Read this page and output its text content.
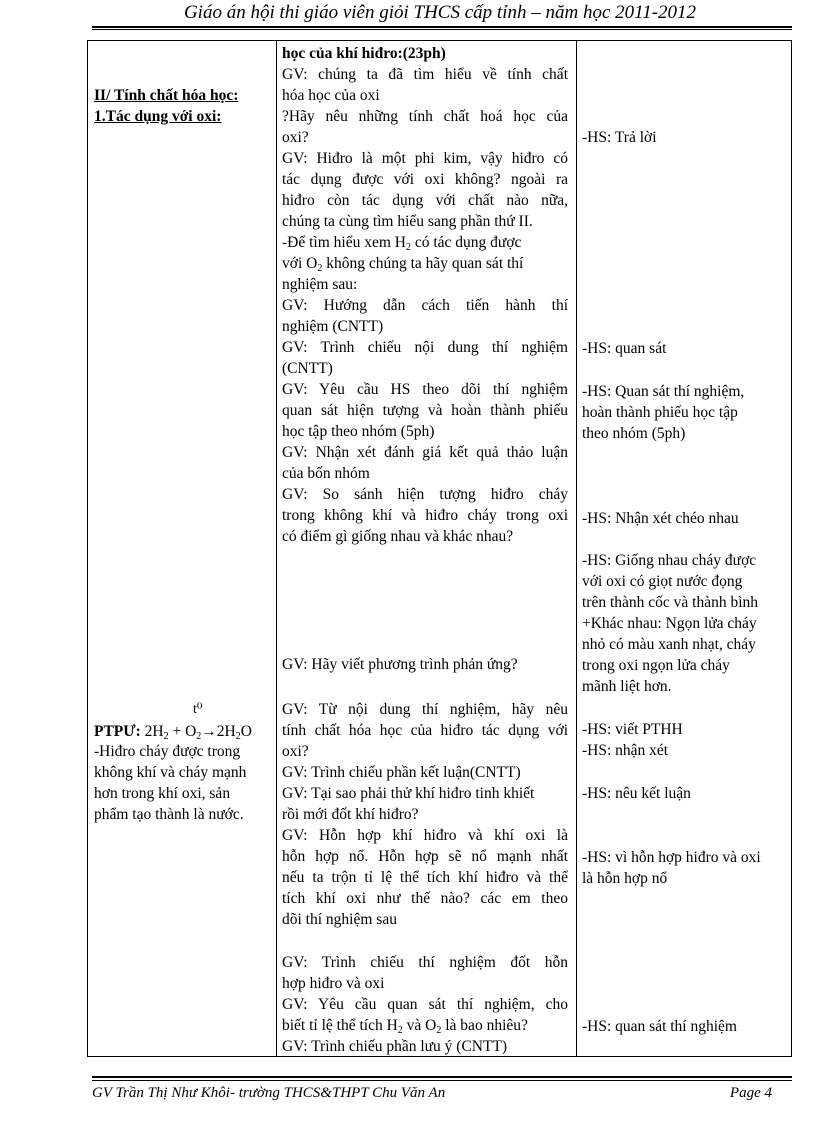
Giáo án hội thi giáo viên giỏi THCS cấp tỉnh – năm học 2011-2012
II/ Tính chất hóa học:
1.Tác dụng với oxi:
t⁰
PTPƯ: $2H_2 + O_2\to 2H_2O$
-Hiđro cháy được trong
không khí và cháy mạnh
hơn trong khí oxi, sản
phẩm tạo thành là nước.
học của khí hiđro:(23ph)
GV: chúng ta đã tìm hiểu về tính chất
hóa học của oxi
?Hãy nêu những tính chất hoá học của
oxi?
GV: Hiđro là một phi kim, vậy hiđro có
tác dụng được với oxi không? ngoài ra
hiđro còn tác dụng với chất nào nữa,
chúng ta cùng tìm hiểu sang phần thứ II.
-Để tìm hiểu xem $H_2$ có tác dụng được
với $O_2$ không chúng ta hãy quan sát thí
nghiệm sau:
GV: Hướng dẫn cách tiến hành thí
nghiệm (CNTT)
GV: Trình chiếu nội dung thí nghiệm
(CNTT)
GV: Yêu cầu HS theo dõi thí nghiệm
quan sát hiện tượng và hoàn thành phiếu
học tập theo nhóm (5ph)
GV: Nhận xét đánh giá kết quả thảo luận
của bốn nhóm
GV: So sánh hiện tượng hiđro cháy
trong không khí và hiđro cháy trong oxi
có điểm gì giống nhau và khác nhau?
GV: Hãy viết phương trình phản ứng?
GV: Từ nội dung thí nghiệm, hãy nêu
tính chất hóa học của hiđro tác dụng với
oxi?
GV: Trình chiếu phần kết luận(CNTT)
GV: Tại sao phải thử khí hiđro tinh khiết
rồi mới đốt khí hiđro?
GV: Hỗn hợp khí hiđro và khí oxi là
hỗn hợp nổ. Hỗn hợp sẽ nổ mạnh nhất
nếu ta trộn tỉ lệ thể tích khí hiđro và thể
tích khí oxi như thế nào? các em theo
dõi thí nghiệm sau
GV: Trình chiếu thí nghiệm đốt hỗn
hợp hiđro và oxi
GV: Yêu cầu quan sát thí nghiệm, cho
biết tỉ lệ thể tích $H_2$ và $O_2$ là bao nhiêu?
GV: Trình chiếu phần lưu ý (CNTT)
-HS: Trả lời
-HS: quan sát
-HS: Quan sát thí nghiệm,
hoàn thành phiếu học tập
theo nhóm (5ph)
-HS: Nhận xét chéo nhau
-HS: Giống nhau cháy được
với oxi có giọt nước đọng
trên thành cốc và thành bình
+Khác nhau: Ngọn lửa cháy
nhỏ có màu xanh nhạt, cháy
trong oxi ngọn lửa cháy
mãnh liệt hơn.
-HS: viết PTHH
-HS: nhận xét
-HS: nêu kết luận
-HS: vì hỗn hợp hiđro và oxi
là hỗn hợp nổ
-HS: quan sát thí nghiệm
GV Trần Thị Như Khôi- trường THCS&THPT Chu Văn An	Page 4
